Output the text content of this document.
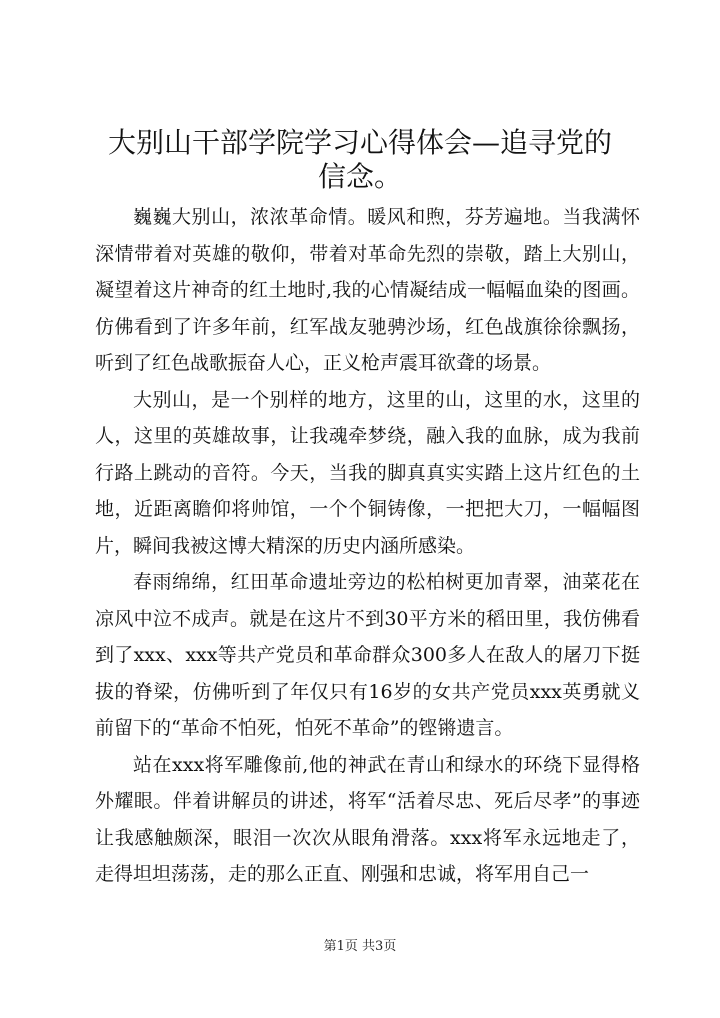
大别山干部学院学习心得体会—追寻党的信念。

巍巍大别山，浓浓革命情。暖风和煦，芬芳遍地。当我满怀深情带着对英雄的敬仰，带着对革命先烈的崇敬，踏上大别山，凝望着这片神奇的红土地时,我的心情凝结成一幅幅血染的图画。仿佛看到了许多年前，红军战友驰骋沙场，红色战旗徐徐飘扬，听到了红色战歌振奋人心，正义枪声震耳欲聋的场景。

大别山，是一个别样的地方，这里的山，这里的水，这里的人，这里的英雄故事，让我魂牵梦绕，融入我的血脉，成为我前行路上跳动的音符。今天，当我的脚真真实实踏上这片红色的土地，近距离瞻仰将帅馆，一个个铜铸像，一把把大刀，一幅幅图片，瞬间我被这博大精深的历史内涵所感染。

春雨绵绵，红田革命遗址旁边的松柏树更加青翠，油菜花在凉风中泣不成声。就是在这片不到30平方米的稻田里，我仿佛看到了xxx、xxx等共产党员和革命群众300多人在敌人的屠刀下挺拔的脊梁，仿佛听到了年仅只有16岁的女共产党员xxx英勇就义前留下的“革命不怕死，怕死不革命”的铿锵遗言。

站在xxx将军雕像前,他的神武在青山和绿水的环绕下显得格外耀眼。伴着讲解员的讲述，将军“活着尽忠、死后尽孝”的事迹让我感触颇深，眼泪一次次从眼角滑落。xxx将军永远地走了，走得坦坦荡荡，走的那么正直、刚强和忠诚，将军用自己一

第1页 共3页
